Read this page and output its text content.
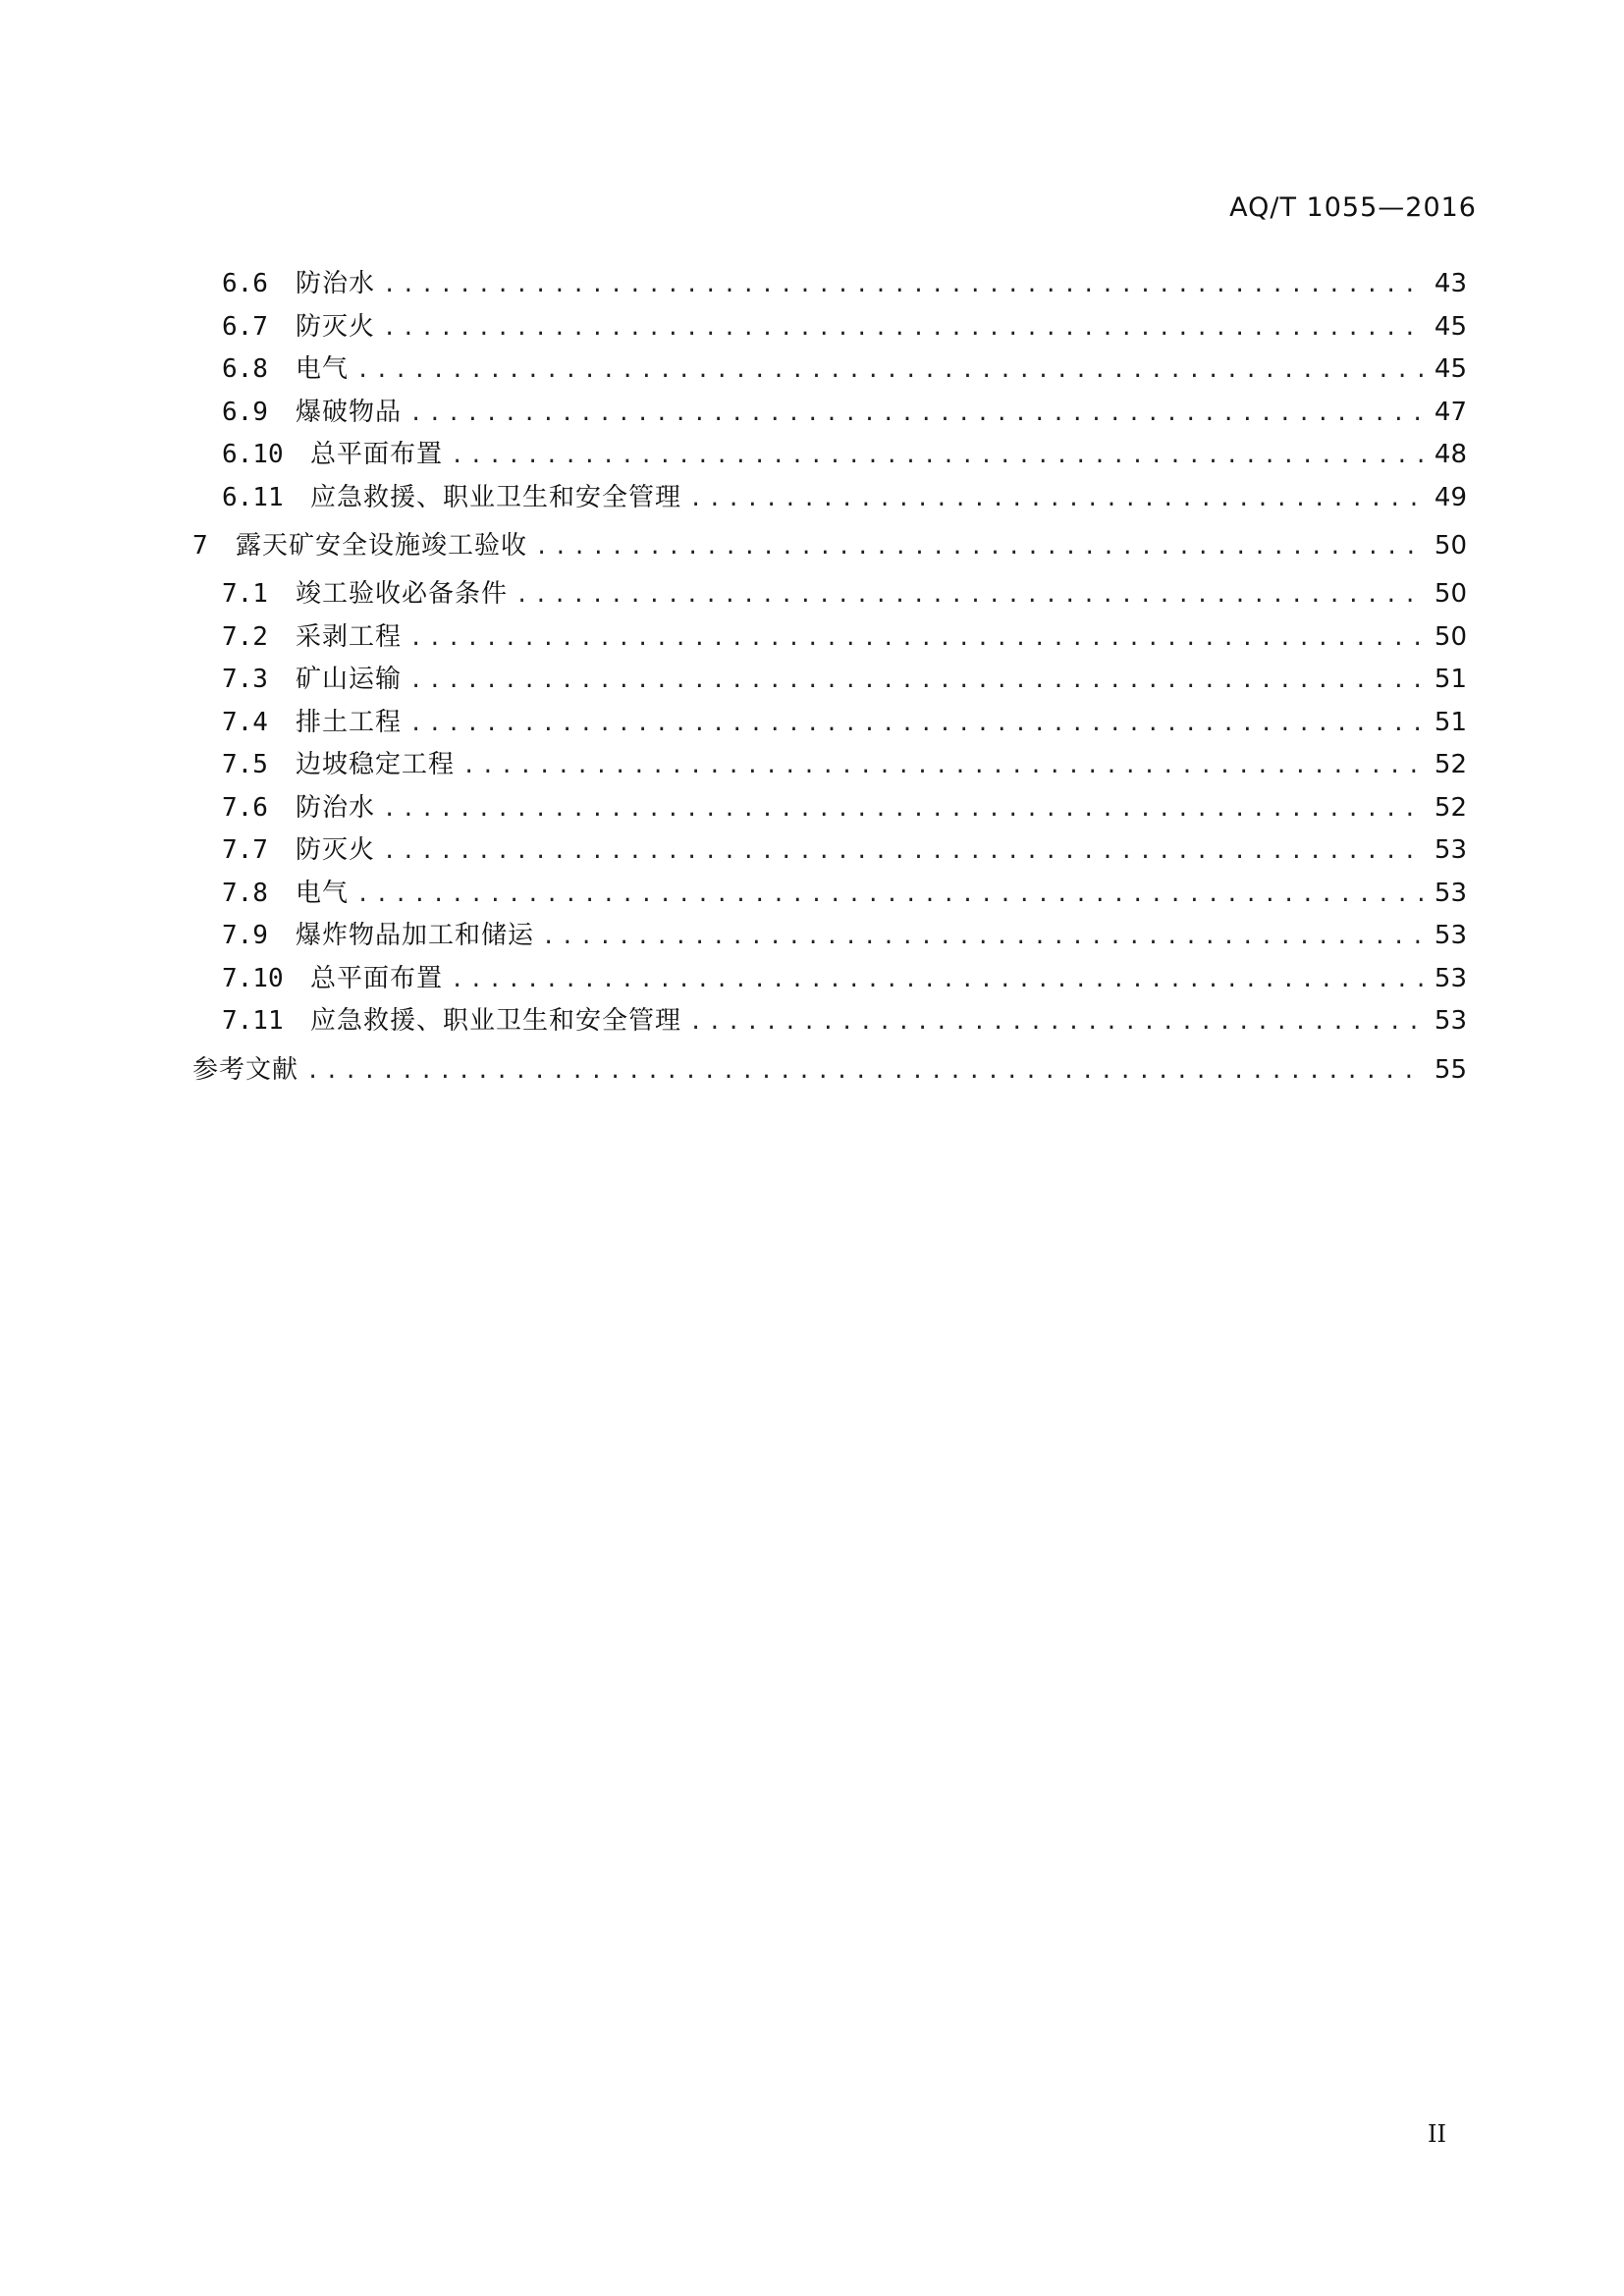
AQ/T 1055—2016
6.6	防治水 .....	43
6.7	防灭火 .....	45
6.8	电气 .....	45
6.9	爆破物品 .....	47
6.10	总平面布置 .....	48
6.11	应急救援、职业卫生和安全管理 .....	49
7	露天矿安全设施竣工验收 .....	50
7.1	竣工验收必备条件 .....	50
7.2	采剥工程 .....	50
7.3	矿山运输 .....	51
7.4	排土工程 .....	51
7.5	边坡稳定工程 .....	52
7.6	防治水 .....	52
7.7	防灭火 .....	53
7.8	电气 .....	53
7.9	爆炸物品加工和储运 .....	53
7.10	总平面布置 .....	53
7.11	应急救援、职业卫生和安全管理 .....	53
参考文献 .....	55
II
